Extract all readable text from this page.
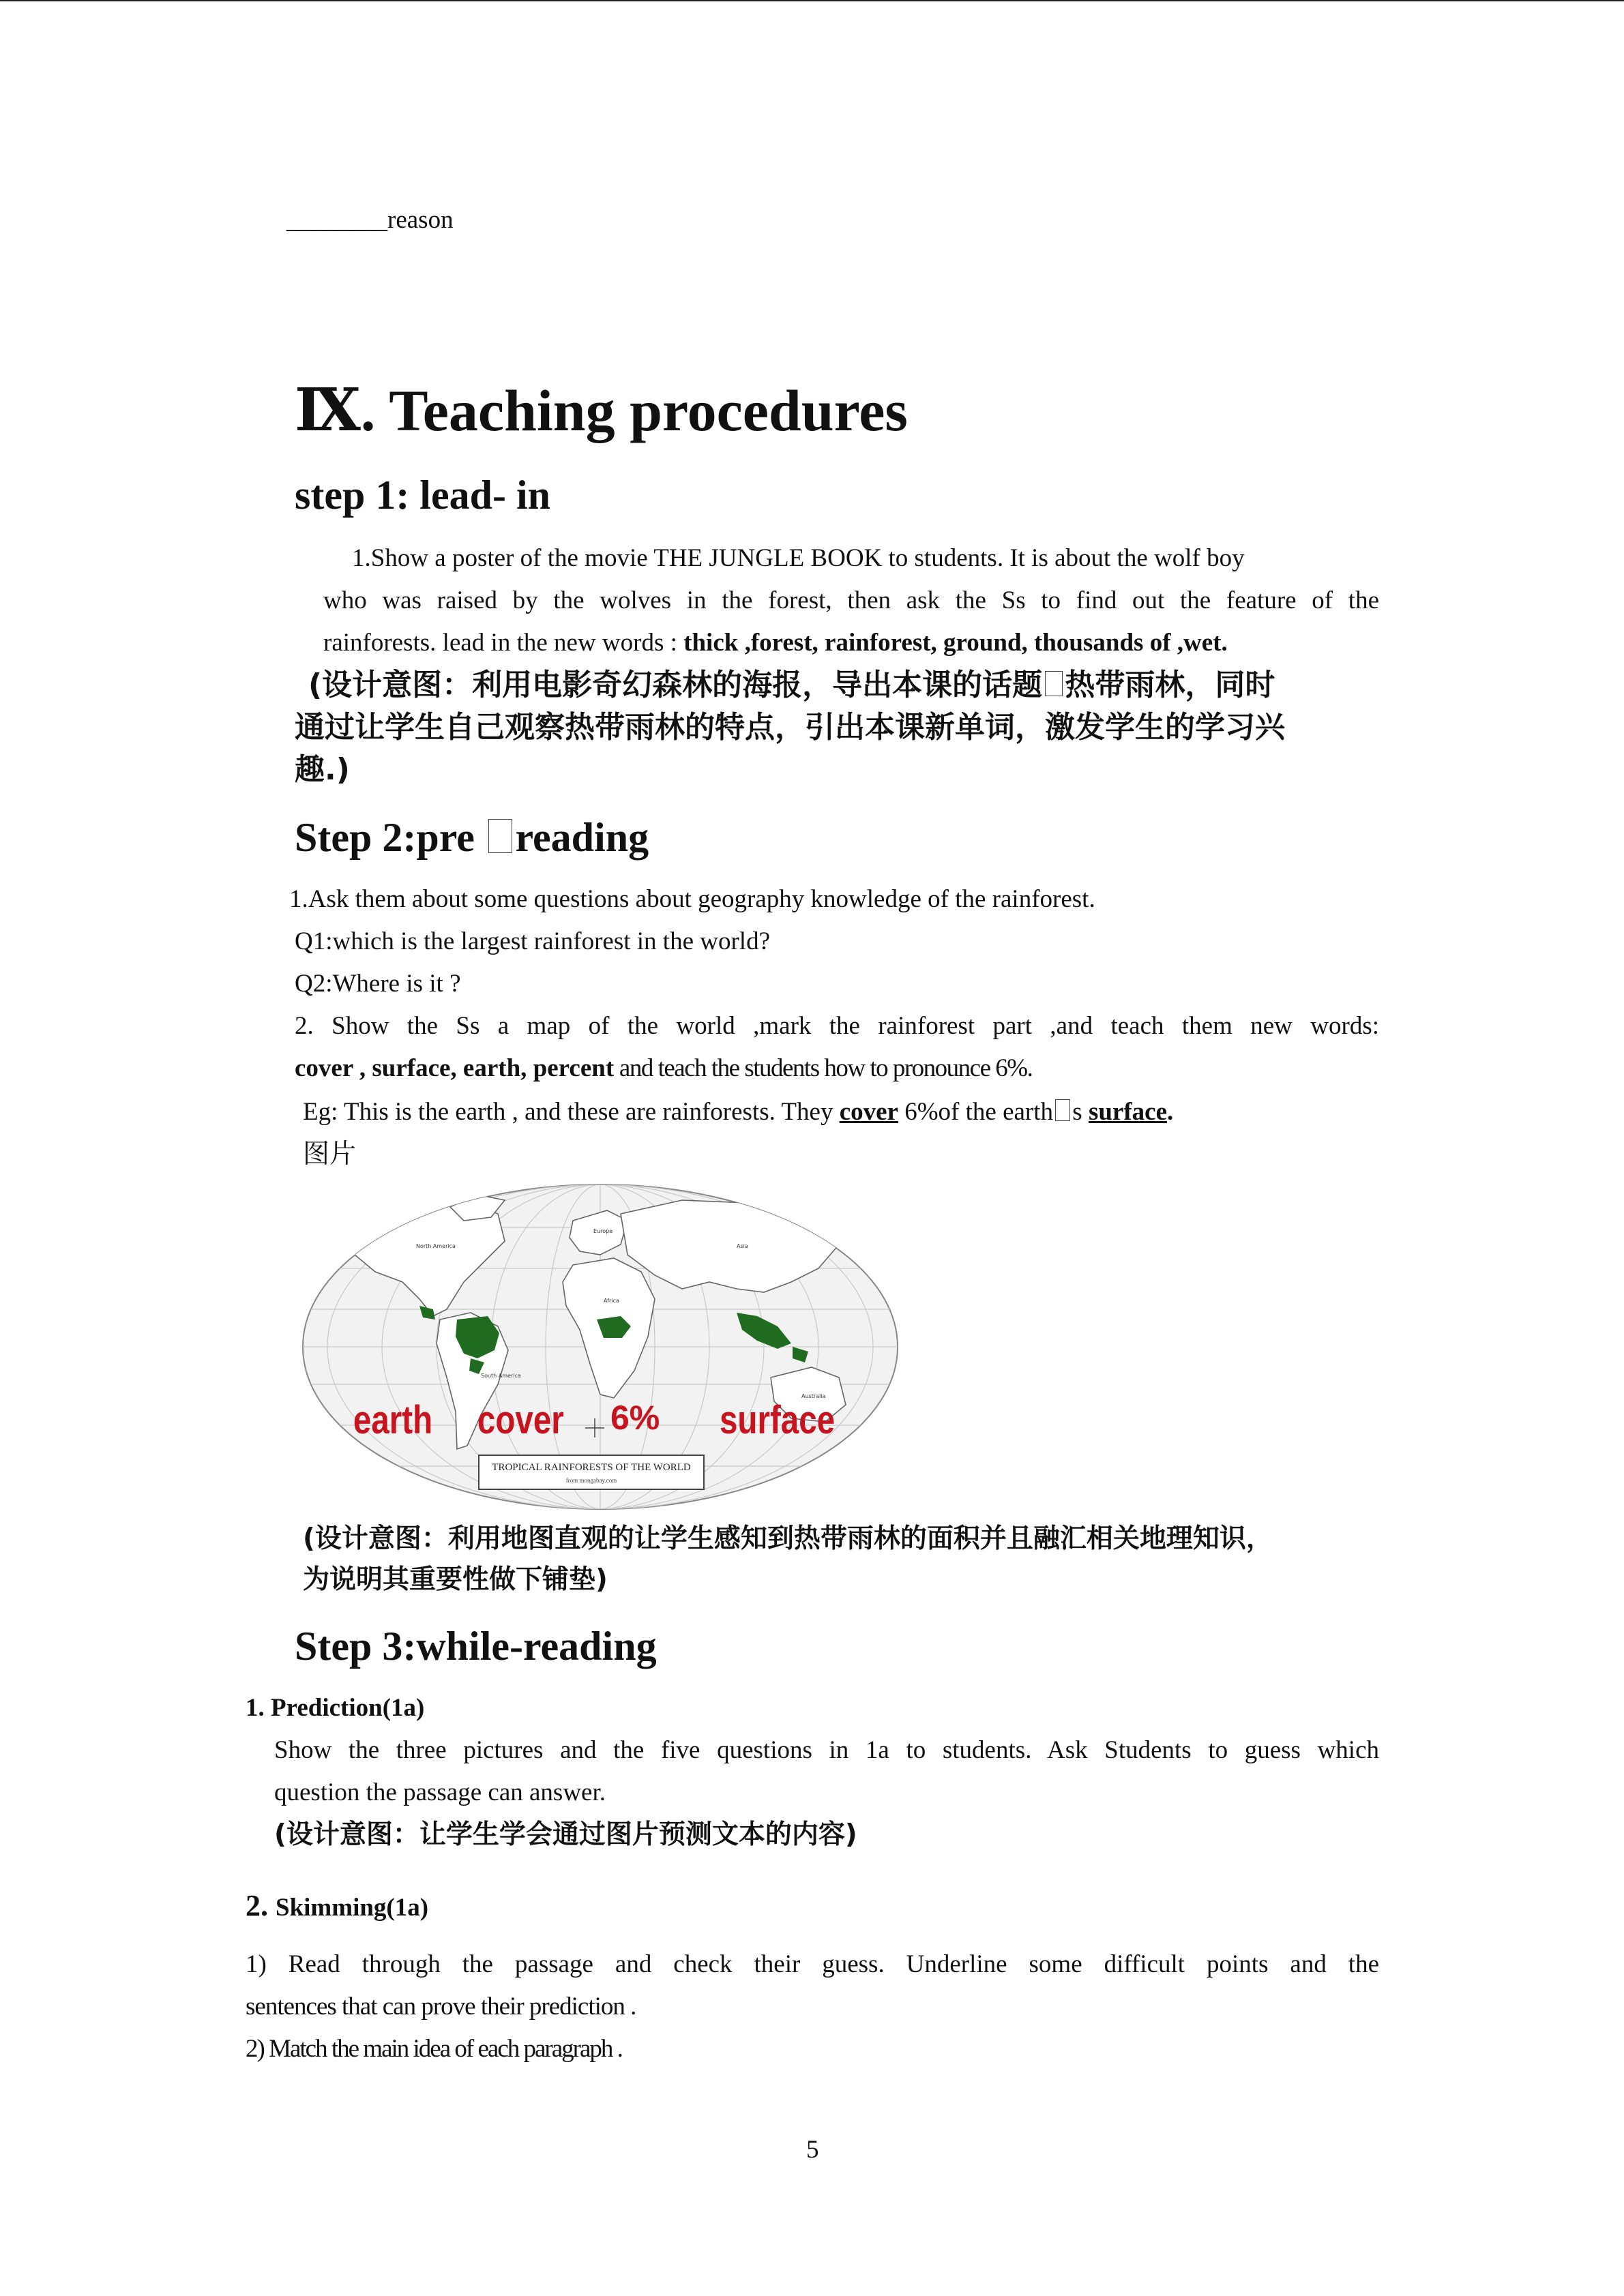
________reason
Ⅸ. Teaching procedures
step 1: lead- in
1.Show a poster of the movie THE JUNGLE BOOK to students. It is about the wolf boy
who was raised by the wolves in the forest, then ask the Ss to find out the feature of the
rainforests. lead in the new words : thick ,forest, rainforest, ground, thousands of ,wet.
(设计意图：利用电影奇幻森林的海报，导出本课的话题 热带雨林，同时
通过让学生自己观察热带雨林的特点，引出本课新单词，激发学生的学习兴
趣.)
Step 2:pre reading
1.Ask them about some questions about geography knowledge of the rainforest.
Q1:which is the largest rainforest in the world?
Q2:Where is it ?
2. Show the Ss a map of the world ,mark the rainforest part ,and teach them new words:
cover , surface, earth, percent and teach the students how to pronounce 6%.
Eg: This is the earth , and these are rainforests. They cover 6%of the earth s surface.
图片
North America
Europe
Asia
Africa
South America
Australia
earth cover 6% surface
TROPICAL RAINFORESTS OF THE WORLD
from mongabay.com
(设计意图：利用地图直观的让学生感知到热带雨林的面积并且融汇相关地理知识，
为说明其重要性做下铺垫)
Step 3:while-reading
1. Prediction(1a)
Show the three pictures and the five questions in 1a to students. Ask Students to guess which
question the passage can answer.
(设计意图：让学生学会通过图片预测文本的内容)
2. Skimming(1a)
1) Read through the passage and check their guess. Underline some difficult points and the
sentences that can prove their prediction .
2) Match the main idea of each paragraph .
5
